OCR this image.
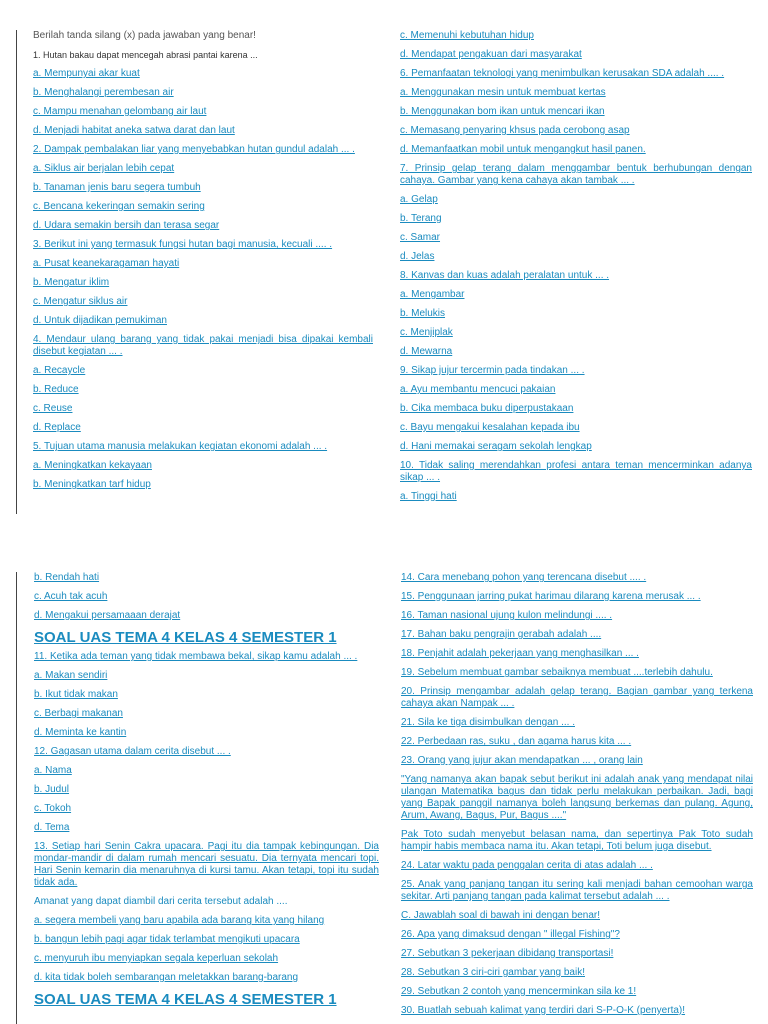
Berilah tanda silang (x) pada jawaban yang benar!
1. Hutan bakau dapat mencegah abrasi pantai karena ...
a. Mempunyai akar kuat
b. Menghalangi perembesan air
c. Mampu menahan gelombang air laut
d. Menjadi habitat aneka satwa darat dan laut
2. Dampak pembalakan liar yang menyebabkan hutan gundul adalah ... .
a. Siklus air berjalan lebih cepat
b. Tanaman jenis baru segera tumbuh
c. Bencana kekeringan semakin sering
d. Udara semakin bersih dan terasa segar
3. Berikut ini yang termasuk fungsi hutan bagi manusia, kecuali .... .
a. Pusat keanekaragaman hayati
b. Mengatur iklim
c. Mengatur siklus air
d. Untuk dijadikan pemukiman
4. Mendaur ulang barang yang tidak pakai menjadi bisa dipakai kembali disebut kegiatan ... .
a. Recaycle
b. Reduce
c. Reuse
d. Replace
5. Tujuan utama manusia melakukan kegiatan ekonomi adalah ... .
a. Meningkatkan kekayaan
b. Meningkatkan tarf hidup
c. Memenuhi kebutuhan hidup
d. Mendapat pengakuan dari masyarakat
6. Pemanfaatan teknologi yang menimbulkan kerusakan SDA adalah .... .
a. Menggunakan mesin untuk membuat kertas
b. Menggunakan bom ikan untuk mencari ikan
c. Memasang penyaring khsus pada cerobong asap
d. Memanfaatkan mobil untuk mengangkut hasil panen.
7. Prinsip gelap terang dalam menggambar bentuk berhubungan dengan cahaya. Gambar yang kena cahaya akan tambak ... .
a. Gelap
b. Terang
c. Samar
d. Jelas
8. Kanvas dan kuas adalah peralatan untuk ... .
a. Mengambar
b. Melukis
c. Menjiplak
d. Mewarna
9. Sikap jujur tercermin pada tindakan ... .
a. Ayu membantu mencuci pakaian
b. Cika membaca buku diperpustakaan
c. Bayu mengakui kesalahan kepada ibu
d. Hani memakai seragam sekolah lengkap
10. Tidak saling merendahkan profesi antara teman mencerminkan adanya sikap ... .
a. Tinggi hati
b. Rendah hati
c. Acuh tak acuh
d. Mengakui persamaaan derajat
SOAL UAS TEMA 4 KELAS 4 SEMESTER 1
11. Ketika ada teman yang tidak membawa bekal, sikap kamu adalah ... .
a. Makan sendiri
b. Ikut tidak makan
c. Berbagi makanan
d. Meminta ke kantin
12. Gagasan utama dalam cerita disebut ... .
a. Nama
b. Judul
c. Tokoh
d. Tema
13. Setiap hari Senin Cakra upacara. Pagi itu dia tampak kebingungan. Dia mondar-mandir di dalam rumah mencari sesuatu. Dia ternyata mencari topi. Hari Senin kemarin dia menaruhnya di kursi tamu. Akan tetapi, topi itu sudah tidak ada.
Amanat yang dapat diambil dari cerita tersebut adalah ....
a. segera membeli yang baru apabila ada barang kita yang hilang
b. bangun lebih pagi agar tidak terlambat mengikuti upacara
c. menyuruh ibu menyiapkan segala keperluan sekolah
d. kita tidak boleh sembarangan meletakkan barang-barang
SOAL UAS TEMA 4 KELAS 4 SEMESTER 1
14. Cara menebang pohon yang terencana disebut .... .
15. Penggunaan jarring pukat harimau dilarang karena merusak ... .
16. Taman nasional ujung kulon melindungi .... .
17. Bahan baku pengrajin gerabah adalah ....
18. Penjahit adalah pekerjaan yang menghasilkan ... .
19. Sebelum membuat gambar sebaiknya membuat ....terlebih dahulu.
20. Prinsip mengambar adalah gelap terang. Bagian gambar yang terkena cahaya akan Nampak ... .
21. Sila ke tiga disimbulkan dengan ... .
22. Perbedaan ras, suku , dan agama harus kita ... .
23. Orang yang jujur akan mendapatkan ... , orang lain
"Yang namanya akan bapak sebut berikut ini adalah anak yang mendapat nilai ulangan Matematika bagus dan tidak perlu melakukan perbaikan. Jadi, bagi yang Bapak panggil namanya boleh langsung berkemas dan pulang. Agung, Arum, Awang, Bagus, Pur, Bagus ...."
Pak Toto sudah menyebut belasan nama, dan sepertinya Pak Toto sudah hampir habis membaca nama itu. Akan tetapi, Toti belum juga disebut.
24. Latar waktu pada penggalan cerita di atas adalah ... .
25. Anak yang panjang tangan itu sering kali menjadi bahan cemoohan warga sekitar. Arti panjang tangan pada kalimat tersebut adalah ... .
C. Jawablah soal di bawah ini dengan benar!
26. Apa yang dimaksud dengan " illegal Fishing"?
27. Sebutkan 3 pekerjaan dibidang transportasi!
28. Sebutkan 3 ciri-ciri gambar yang baik!
29. Sebutkan 2 contoh yang mencerminkan sila ke 1!
30. Buatlah sebuah kalimat yang terdiri dari S-P-O-K (penyerta)!
